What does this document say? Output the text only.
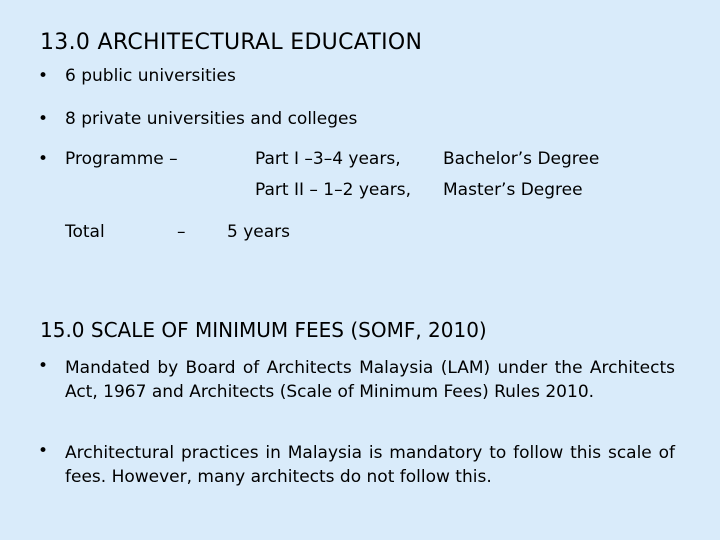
13.0 ARCHITECTURAL EDUCATION
• 6 public universities
• 8 private universities and colleges
• Programme –	Part I –3–4 years, Bachelor’s Degree
Part II – 1–2 years, Master’s Degree
Total	– 5 years
15.0 SCALE OF MINIMUM FEES (SOMF, 2010)
• Mandated by Board of Architects Malaysia (LAM) under the Architects Act, 1967 and Architects (Scale of Minimum Fees) Rules 2010.
• Architectural practices in Malaysia is mandatory to follow this scale of fees. However, many architects do not follow this.
